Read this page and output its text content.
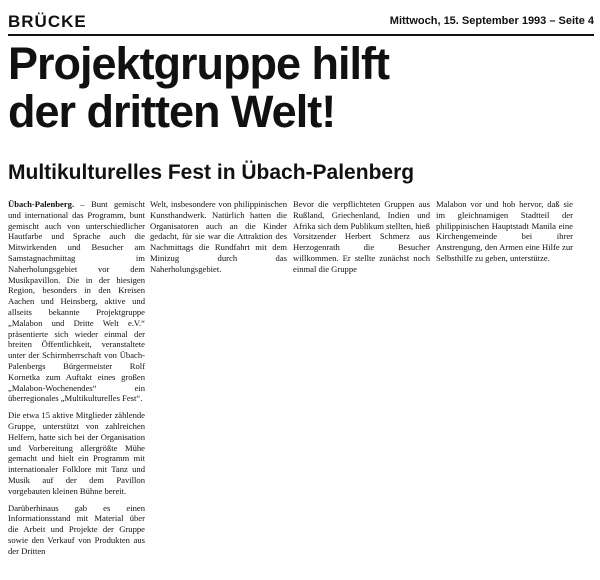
BRÜCKE	Mittwoch, 15. September 1993 – Seite 4
Projektgruppe hilft
der dritten Welt!
Multikulturelles Fest in Übach-Palenberg

Übach-Palenberg. – Bunt gemischt und international das Programm, bunt gemischt auch von unterschiedlicher Hautfarbe und Sprache auch die Mitwirkenden und Besucher am Samstagnachmittag im Naherholungsgebiet vor dem Musikpavillon. Die in der hiesigen Region, besonders in den Kreisen Aachen und Heinsberg, aktive und allseits bekannte Projektgruppe „Malabon und Dritte Welt e.V.“ präsentierte sich wieder einmal der breiten Öffentlichkeit, veranstaltete unter der Schirmherrschaft von Übach-Palenbergs Bürgermeister Rolf Kornetka zum Auftakt eines großen „Malabon-Wochenendes“ ein überregionales „Multikulturelles Fest“.

Die etwa 15 aktive Mitglieder zählende Gruppe, unterstützt von zahlreichen Helfern, hatte sich bei der Organisation und Vorbereitung allergrößte Mühe gemacht und hielt ein Programm mit internationaler Folklore mit Tanz und Musik auf der dem Pavillon vorgebauten kleinen Bühne bereit.

Darüberhinaus gab es einen Informationsstand mit Material über die Arbeit und Projekte der Gruppe sowie den Verkauf von Produkten aus der Dritten

Welt, insbesondere von philippinischen Kunsthandwerk. Natürlich hatten die Organisatoren auch an die Kinder gedacht, für sie war die Attraktion des Nachmittags die Rundfahrt mit dem Minizug durch das Naherholungsgebiet.

Bevor die verpflichteten Gruppen aus Rußland, Griechenland, Indien und Afrika sich dem Publikum stellten, hieß Vorsitzender Herbert Schmerz aus Herzogenrath die Besucher willkommen. Er stellte zunächst noch einmal die Gruppe

Malabon vor und hob hervor, daß sie im gleichnamigen Stadtteil der philippinischen Hauptstadt Manila eine Kirchengemeinde bei ihrer Anstrengung, den Armen eine Hilfe zur Selbsthilfe zu geben, unterstütze.
